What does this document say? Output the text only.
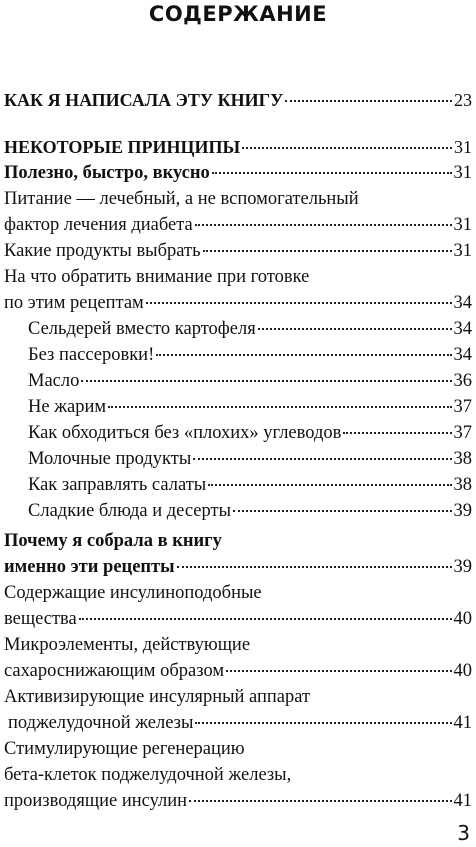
СОДЕРЖАНИЕ
КАК Я НАПИСАЛА ЭТУ КНИГУ	23
НЕКОТОРЫЕ ПРИНЦИПЫ	31
Полезно, быстро, вкусно	31
Питание — лечебный, а не вспомогательный
фактор лечения диабета	31
Какие продукты выбрать	31
На что обратить внимание при готовке
по этим рецептам	34
Сельдерей вместо картофеля	34
Без пассеровки!	34
Масло	36
Не жарим	37
Как обходиться без «плохих» углеводов	37
Молочные продукты	38
Как заправлять салаты	38
Сладкие блюда и десерты	39
Почему я собрала в книгу
именно эти рецепты	39
Содержащие инсулиноподобные
вещества	40
Микроэлементы, действующие
сахароснижающим образом	40
Активизирующие инсулярный аппарат
поджелудочной железы	41
Стимулирующие регенерацию
бета-клеток поджелудочной железы,
производящие инсулин	41
3
